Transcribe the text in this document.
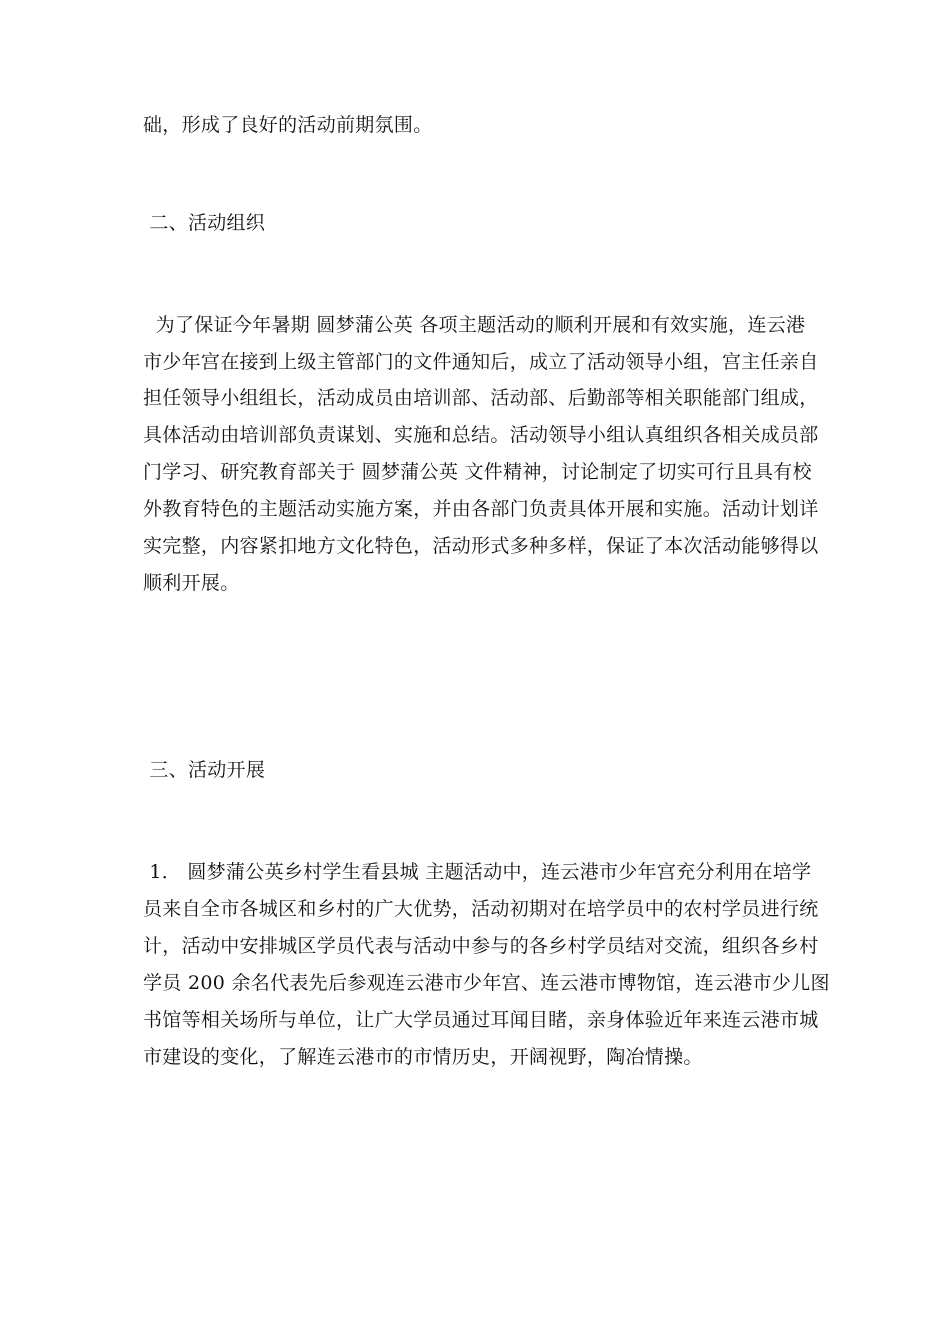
础，形成了良好的活动前期氛围。
二、活动组织
为了保证今年暑期 圆梦蒲公英 各项主题活动的顺利开展和有效实施，连云港
市少年宫在接到上级主管部门的文件通知后，成立了活动领导小组，宫主任亲自
担任领导小组组长，活动成员由培训部、活动部、后勤部等相关职能部门组成，
具体活动由培训部负责谋划、实施和总结。活动领导小组认真组织各相关成员部
门学习、研究教育部关于 圆梦蒲公英 文件精神，讨论制定了切实可行且具有校
外教育特色的主题活动实施方案，并由各部门负责具体开展和实施。活动计划详
实完整，内容紧扣地方文化特色，活动形式多种多样，保证了本次活动能够得以
顺利开展。
三、活动开展
1． 圆梦蒲公英乡村学生看县城 主题活动中，连云港市少年宫充分利用在培学
员来自全市各城区和乡村的广大优势，活动初期对在培学员中的农村学员进行统
计，活动中安排城区学员代表与活动中参与的各乡村学员结对交流，组织各乡村
学员 200 余名代表先后参观连云港市少年宫、连云港市博物馆，连云港市少儿图
书馆等相关场所与单位，让广大学员通过耳闻目睹，亲身体验近年来连云港市城
市建设的变化，了解连云港市的市情历史，开阔视野，陶冶情操。
